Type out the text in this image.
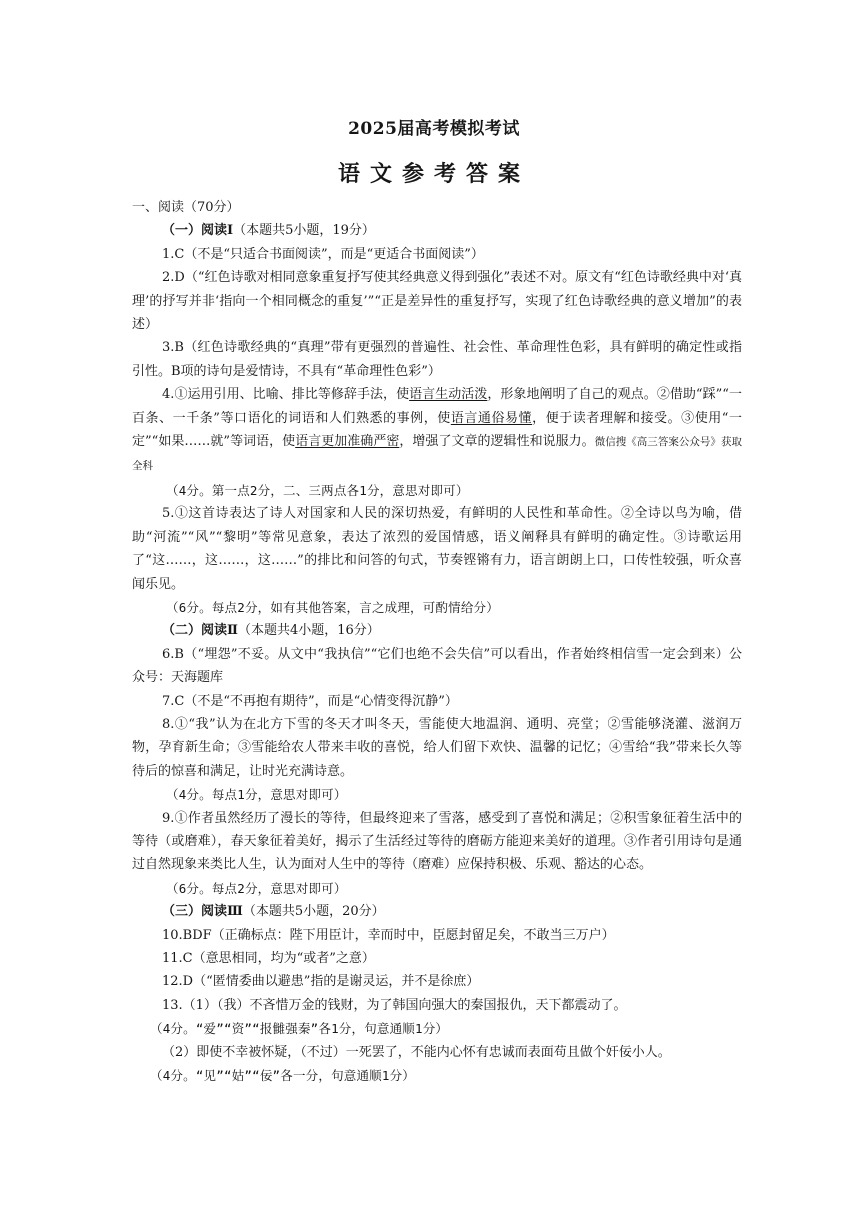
2025届高考模拟考试
语文参考答案

一、阅读（70分）

（一）阅读Ⅰ（本题共5小题，19分）

1.C（不是“只适合书面阅读”，而是“更适合书面阅读”）

2.D（“红色诗歌对相同意象重复抒写使其经典意义得到强化”表述不对。原文有“红色诗歌经典中对‘真理’的抒写并非‘指向一个相同概念的重复’”“正是差异性的重复抒写，实现了红色诗歌经典的意义增加”的表述）

3.B（红色诗歌经典的“真理”带有更强烈的普遍性、社会性、革命理性色彩，具有鲜明的确定性或指引性。B项的诗句是爱情诗，不具有“革命理性色彩”）

4.①运用引用、比喻、排比等修辞手法，使语言生动活泼，形象地阐明了自己的观点。②借助“踩”“一百条、一千条”等口语化的词语和人们熟悉的事例，使语言通俗易懂，便于读者理解和接受。③使用“一定”“如果……就”等词语，使语言更加准确严密，增强了文章的逻辑性和说服力。微信搜《高三答案公众号》获取全科

（4分。第一点2分，二、三两点各1分，意思对即可）

5.①这首诗表达了诗人对国家和人民的深切热爱，有鲜明的人民性和革命性。②全诗以鸟为喻，借助“河流”“风”“黎明”等常见意象，表达了浓烈的爱国情感，语义阐释具有鲜明的确定性。③诗歌运用了“这……，这……，这……”的排比和问答的句式，节奏铿锵有力，语言朗朗上口，口传性较强，听众喜闻乐见。

（6分。每点2分，如有其他答案，言之成理，可酌情给分）

（二）阅读Ⅱ（本题共4小题，16分）

6.B（“埋怨”不妥。从文中“我执信”“它们也绝不会失信”可以看出，作者始终相信雪一定会到来）公众号：天海题库

7.C（不是“不再抱有期待”，而是“心情变得沉静”）

8.①“我”认为在北方下雪的冬天才叫冬天，雪能使大地温润、通明、亮堂；②雪能够浇灌、滋润万物，孕育新生命；③雪能给农人带来丰收的喜悦，给人们留下欢快、温馨的记忆；④雪给“我”带来长久等待后的惊喜和满足，让时光充满诗意。

（4分。每点1分，意思对即可）

9.①作者虽然经历了漫长的等待，但最终迎来了雪落，感受到了喜悦和满足；②积雪象征着生活中的等待（或磨难），春天象征着美好，揭示了生活经过等待的磨砺方能迎来美好的道理。③作者引用诗句是通过自然现象来类比人生，认为面对人生中的等待（磨难）应保持积极、乐观、豁达的心态。

（6分。每点2分，意思对即可）

（三）阅读Ⅲ（本题共5小题，20分）

10.BDF（正确标点：陛下用臣计，幸而时中，臣愿封留足矣，不敢当三万户）

11.C（意思相同，均为“或者”之意）

12.D（“匿情委曲以避患”指的是谢灵运，并不是徐庶）

13.（1）（我）不吝惜万金的钱财，为了韩国向强大的秦国报仇，天下都震动了。

（4分。“爱”“资”“报雠强秦”各1分，句意通顺1分）

（2）即使不幸被怀疑，（不过）一死罢了，不能内心怀有忠诚而表面苟且做个奸佞小人。

（4分。“见”“姑”“佞”各一分，句意通顺1分）
